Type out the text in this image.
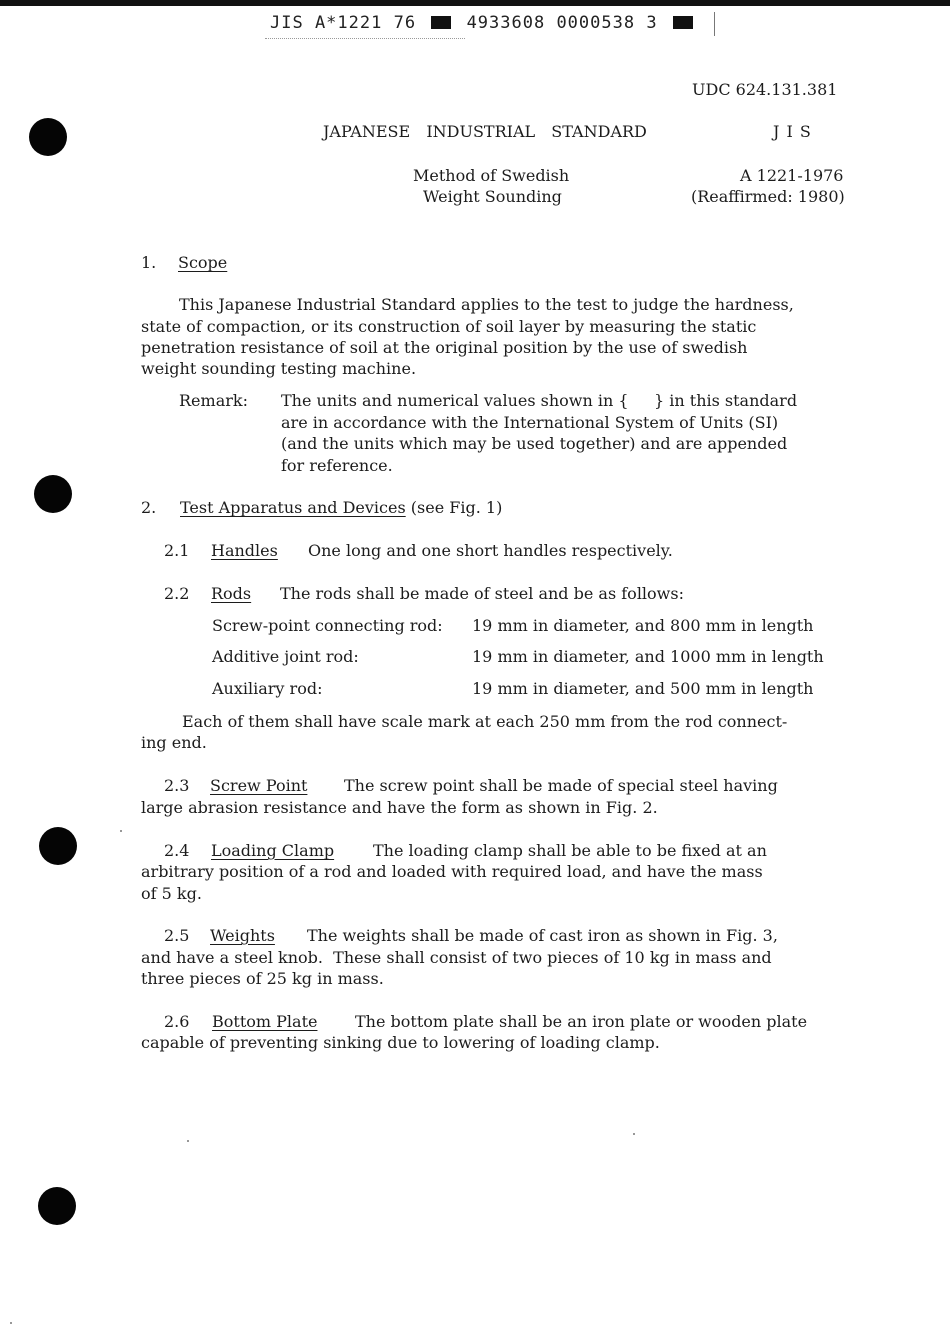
JIS A*1221 76	4933608 0000538 3
UDC 624.131.381
JAPANESE  INDUSTRIAL  STANDARD	J I S
Method of Swedish
Weight Sounding
A 1221-1976
(Reaffirmed: 1980)
1. Scope
This Japanese Industrial Standard applies to the test to judge the hardness,
state of compaction, or its construction of soil layer by measuring the static
penetration resistance of soil at the original position by the use of swedish
weight sounding testing machine.
Remark: The units and numerical values shown in {     } in this standard
are in accordance with the International System of Units (SI)
(and the units which may be used together) and are appended
for reference.
2. Test Apparatus and Devices (see Fig. 1)
2.1 Handles One long and one short handles respectively.
2.2 Rods The rods shall be made of steel and be as follows:
Screw-point connecting rod: 19 mm in diameter, and 800 mm in length
Additive joint rod:	19 mm in diameter, and 1000 mm in length
Auxiliary rod:	19 mm in diameter, and 500 mm in length
Each of them shall have scale mark at each 250 mm from the rod connect-
ing end.
2.3 Screw Point The screw point shall be made of special steel having
large abrasion resistance and have the form as shown in Fig. 2.
2.4 Loading Clamp The loading clamp shall be able to be fixed at an
arbitrary position of a rod and loaded with required load, and have the mass
of 5 kg.
2.5 Weights The weights shall be made of cast iron as shown in Fig. 3,
and have a steel knob.  These shall consist of two pieces of 10 kg in mass and
three pieces of 25 kg in mass.
2.6 Bottom Plate The bottom plate shall be an iron plate or wooden plate
capable of preventing sinking due to lowering of loading clamp.
